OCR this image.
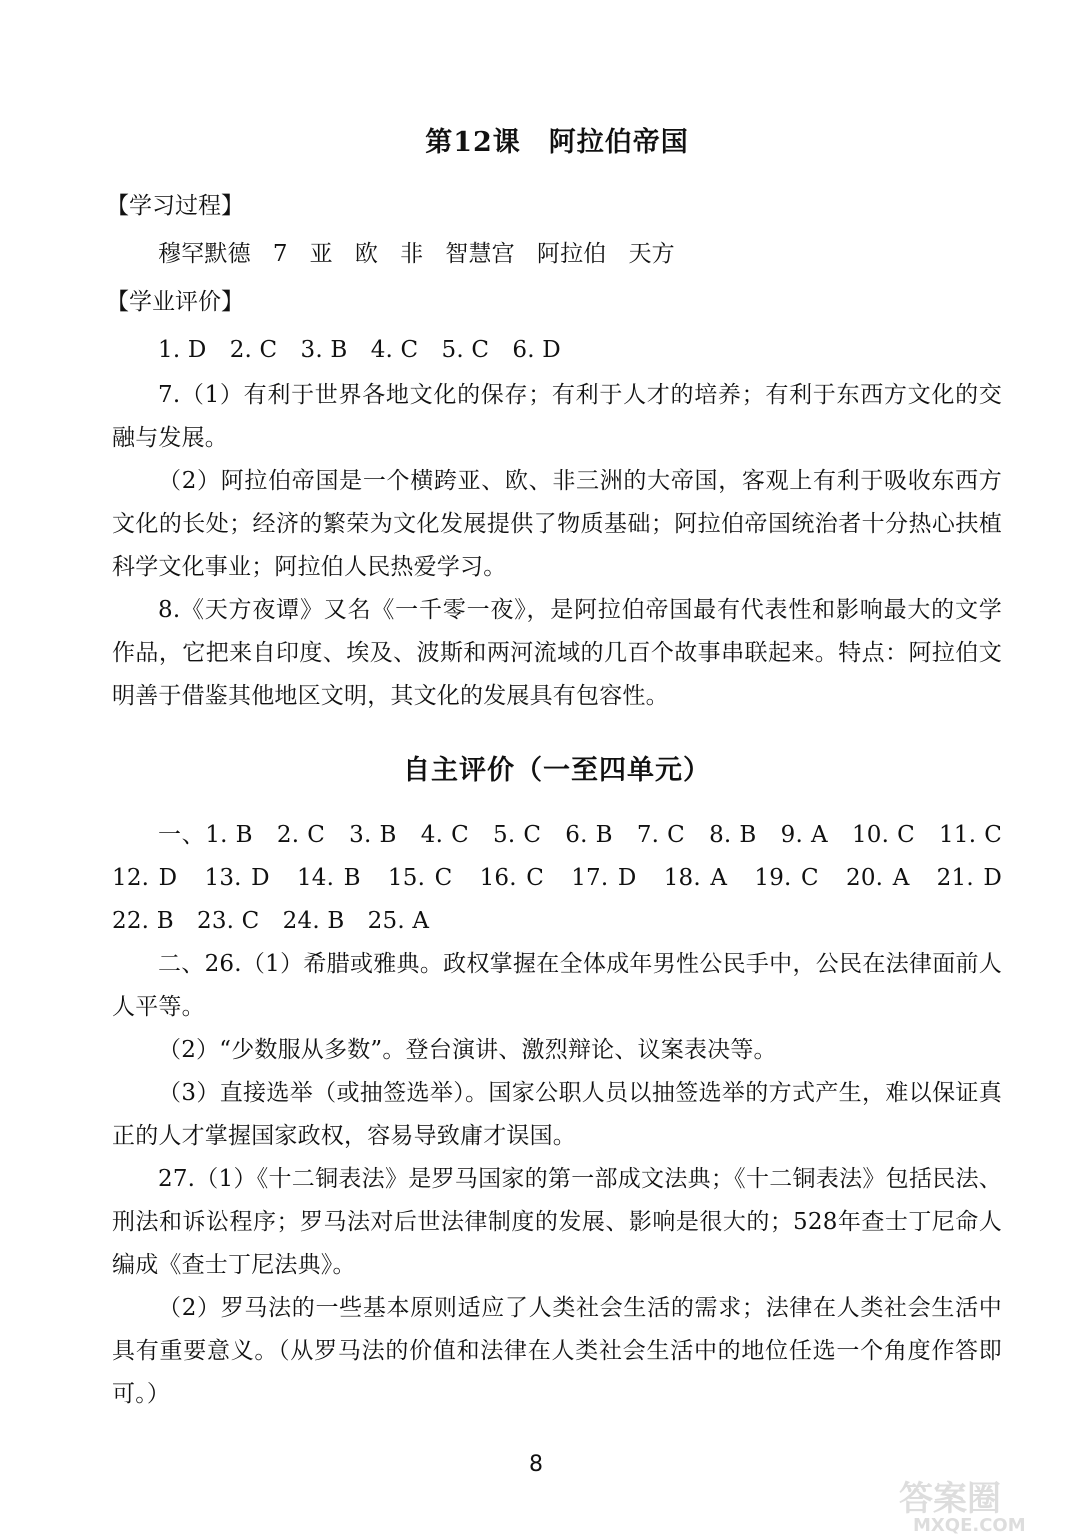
第12课　阿拉伯帝国

【学习过程】

穆罕默德 7 亚 欧 非 智慧宫 阿拉伯 天方

【学业评价】

1. D　2. C　3. B　4. C　5. C　6. D

7.（1）有利于世界各地文化的保存；有利于人才的培养；有利于东西方文化的交融与发展。

（2）阿拉伯帝国是一个横跨亚、欧、非三洲的大帝国，客观上有利于吸收东西方文化的长处；经济的繁荣为文化发展提供了物质基础；阿拉伯帝国统治者十分热心扶植科学文化事业；阿拉伯人民热爱学习。

8.《天方夜谭》又名《一千零一夜》，是阿拉伯帝国最有代表性和影响最大的文学作品，它把来自印度、埃及、波斯和两河流域的几百个故事串联起来。特点：阿拉伯文明善于借鉴其他地区文明，其文化的发展具有包容性。

自主评价（一至四单元）

一、1. B　2. C　3. B　4. C　5. C　6. B　7. C　8. B　9. A　10. C　11. C　12. D　13. D　14. B　15. C　16. C　17. D　18. A　19. C　20. A　21. D　22. B　23. C　24. B　25. A

二、26.（1）希腊或雅典。政权掌握在全体成年男性公民手中，公民在法律面前人人平等。

（2）“少数服从多数”。登台演讲、激烈辩论、议案表决等。

（3）直接选举（或抽签选举）。国家公职人员以抽签选举的方式产生，难以保证真正的人才掌握国家政权，容易导致庸才误国。

27.（1）《十二铜表法》是罗马国家的第一部成文法典；《十二铜表法》包括民法、刑法和诉讼程序；罗马法对后世法律制度的发展、影响是很大的；528年查士丁尼命人编成《查士丁尼法典》。

（2）罗马法的一些基本原则适应了人类社会生活的需求；法律在人类社会生活中具有重要意义。（从罗马法的价值和法律在人类社会生活中的地位任选一个角度作答即可。）

8
答案圈
MXQE.COM
